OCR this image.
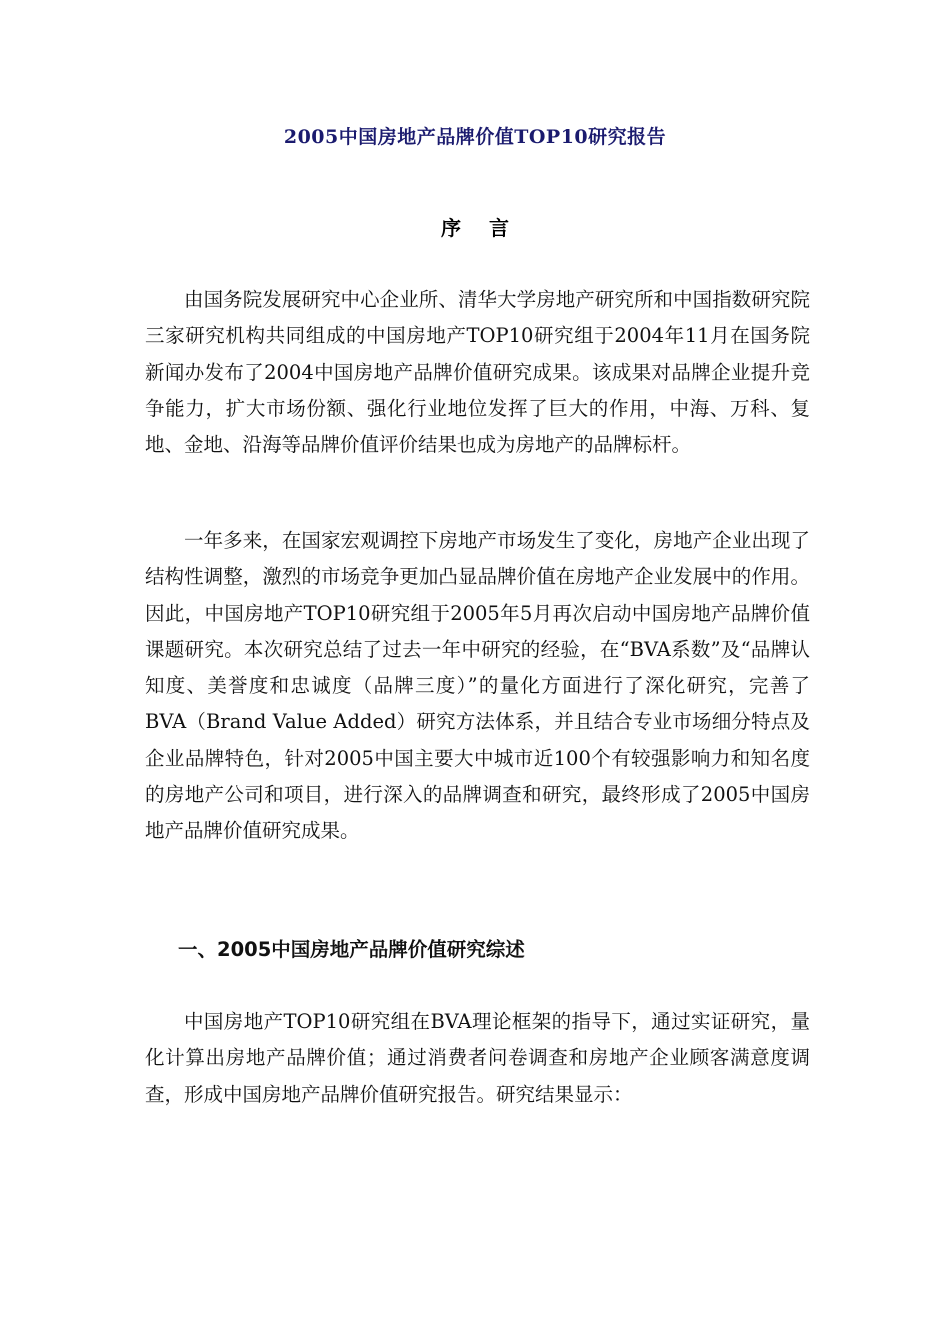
2005中国房地产品牌价值TOP10研究报告
序言

由国务院发展研究中心企业所、清华大学房地产研究所和中国指数研究院三家研究机构共同组成的中国房地产TOP10研究组于2004年11月在国务院新闻办发布了2004中国房地产品牌价值研究成果。该成果对品牌企业提升竞争能力，扩大市场份额、强化行业地位发挥了巨大的作用，中海、万科、复地、金地、沿海等品牌价值评价结果也成为房地产的品牌标杆。

一年多来，在国家宏观调控下房地产市场发生了变化，房地产企业出现了结构性调整，激烈的市场竞争更加凸显品牌价值在房地产企业发展中的作用。因此，中国房地产TOP10研究组于2005年5月再次启动中国房地产品牌价值课题研究。本次研究总结了过去一年中研究的经验，在“BVA系数”及“品牌认知度、美誉度和忠诚度（品牌三度）”的量化方面进行了深化研究，完善了BVA（Brand Value Added）研究方法体系，并且结合专业市场细分特点及企业品牌特色，针对2005中国主要大中城市近100个有较强影响力和知名度的房地产公司和项目，进行深入的品牌调查和研究，最终形成了2005中国房地产品牌价值研究成果。

一、2005中国房地产品牌价值研究综述

中国房地产TOP10研究组在BVA理论框架的指导下，通过实证研究，量化计算出房地产品牌价值；通过消费者问卷调查和房地产企业顾客满意度调查，形成中国房地产品牌价值研究报告。研究结果显示：
